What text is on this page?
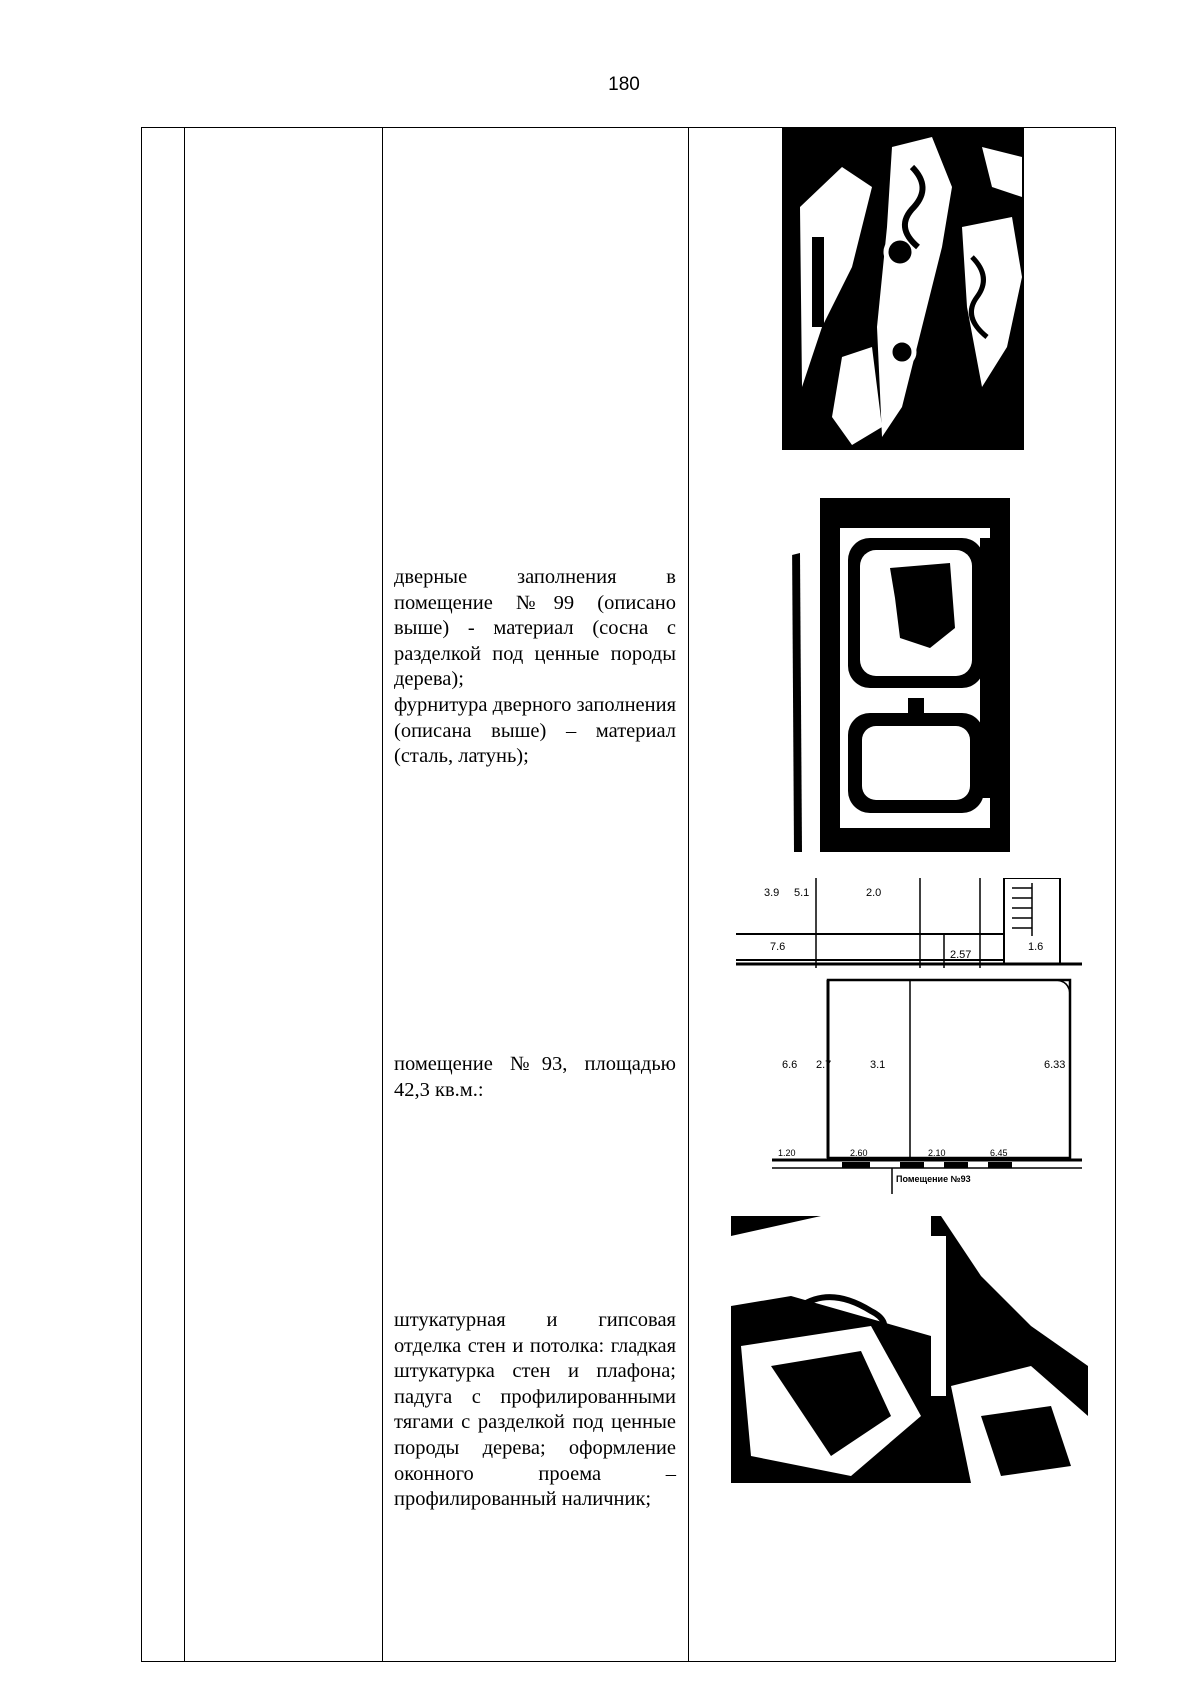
180

дверные заполнения в помещение №99 (описано выше) - материал (сосна с разделкой под ценные породы дерева);

фурнитура дверного заполнения (описана выше) – материал (сталь, латунь);

помещение №93, площадью 42,3 кв.м.:

штукатурная и гипсовая отделка стен и потолка: гладкая штукатурка стен и плафона; падуга с профилированными тягами с разделкой под ценные породы дерева; оформление оконного проема – профилированный наличник;

3.9 5.1	2.0
7.6
2.57
1.6
6.6 2.7	3.1	6.33
1.20	2.60	2.10	6.45
Помещение №93
